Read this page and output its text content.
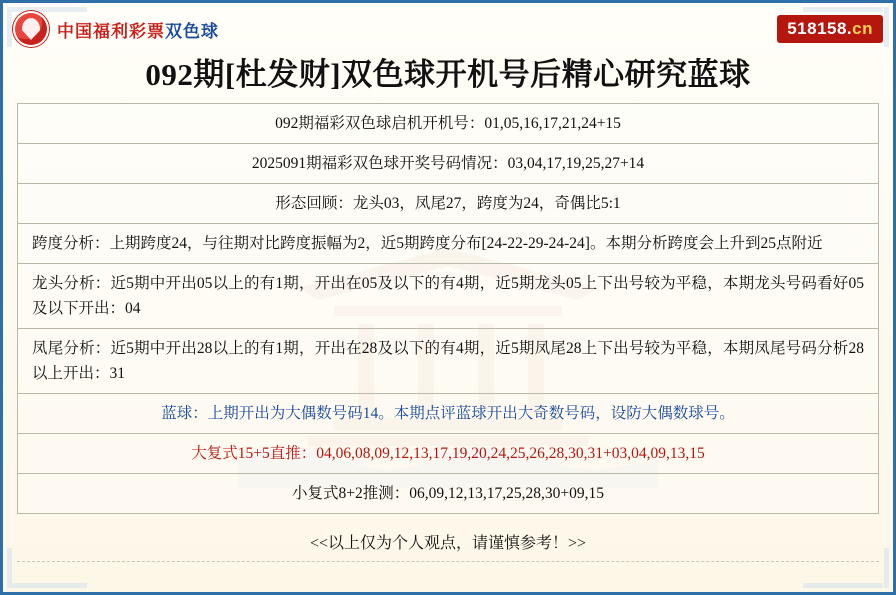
中国福利彩票双色球	518158.cn
092期[杜发财]双色球开机号后精心研究蓝球
092期福彩双色球启机开机号：01,05,16,17,21,24+15
2025091期福彩双色球开奖号码情况：03,04,17,19,25,27+14
形态回顾：龙头03，凤尾27，跨度为24，奇偶比5:1
跨度分析：上期跨度24，与往期对比跨度振幅为2，近5期跨度分布[24-22-29-24-24]。本期分析跨度会上升到25点附近
龙头分析：近5期中开出05以上的有1期，开出在05及以下的有4期，近5期龙头05上下出号较为平稳，本期龙头号码看好05及以下开出：04
凤尾分析：近5期中开出28以上的有1期，开出在28及以下的有4期，近5期凤尾28上下出号较为平稳，本期凤尾号码分析28以上开出：31
蓝球：上期开出为大偶数号码14。本期点评蓝球开出大奇数号码，设防大偶数球号。
大复式15+5直推：04,06,08,09,12,13,17,19,20,24,25,26,28,30,31+03,04,09,13,15
小复式8+2推测：06,09,12,13,17,25,28,30+09,15
<<以上仅为个人观点，请谨慎参考！>>
